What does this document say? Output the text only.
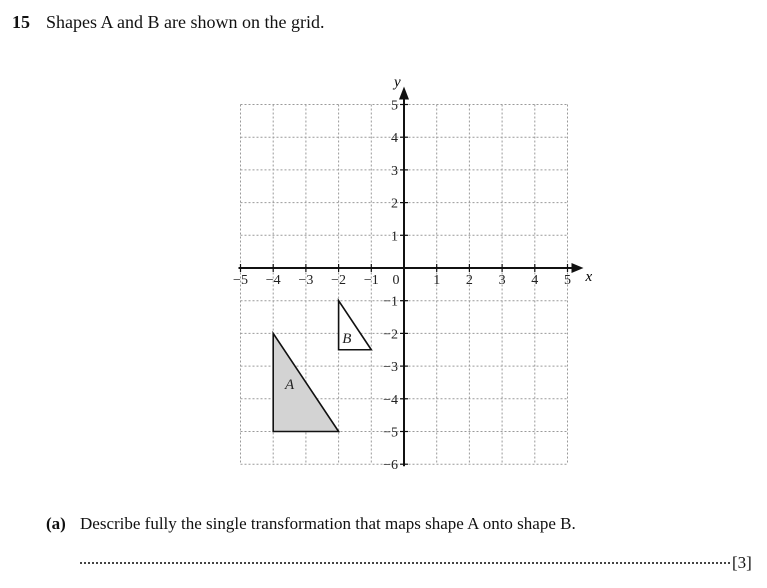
15 Shapes A and B are shown on the grid.
A
B
x
y
−5 −4 −3 −2 −1 0 1 2 3 4 5
5
4
3
2
1
−1
−2
−3
−4
−5
−6
(a) Describe fully the single transformation that maps shape A onto shape B.
[3]
